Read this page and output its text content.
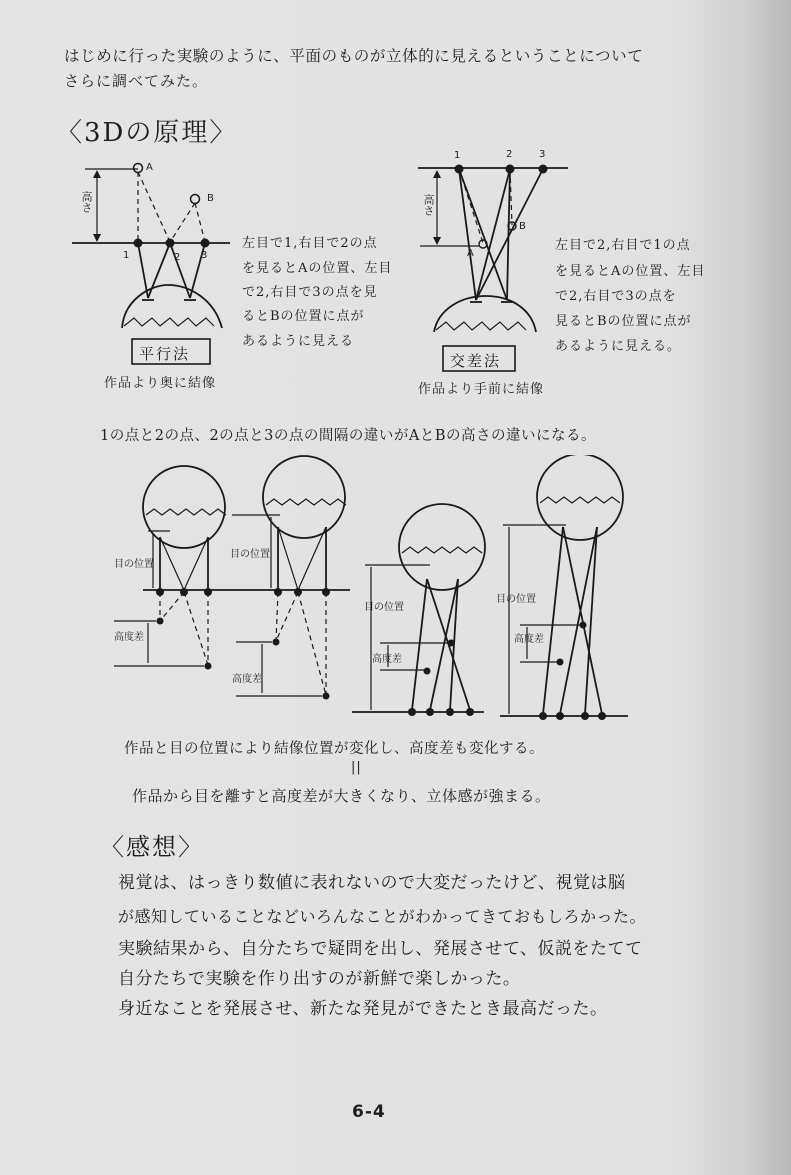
はじめに行った実験のように、平面のものが立体的に見えるということについて
さらに調べてみた。
〈3Dの原理〉
A
B
高さ
1	2 3
平行法
作品より奥に結像
左目で1,右目で2の点
を見るとAの位置、左目
で2,右目で3の点を見
るとBの位置に点が
あるように見える
1	2	3
高さ
A
B
交差法
作品より手前に結像
左目で2,右目で1の点
を見るとAの位置、左目
で2,右目で3の点を
見るとBの位置に点が
あるように見える。
1の点と2の点、2の点と3の点の間隔の違いがAとBの高さの違いになる。
目の位置
高度差
目の位置
高度差
目の位置
高度差
目の位置
高度差
作品と目の位置により結像位置が変化し、高度差も変化する。
||
作品から目を離すと高度差が大きくなり、立体感が強まる。
〈感想〉
視覚は、はっきり数値に表れないので大変だったけど、視覚は脳
が感知していることなどいろんなことがわかってきておもしろかった。
実験結果から、自分たちで疑問を出し、発展させて、仮説をたてて
自分たちで実験を作り出すのが新鮮で楽しかった。
身近なことを発展させ、新たな発見ができたとき最高だった。
6-4
